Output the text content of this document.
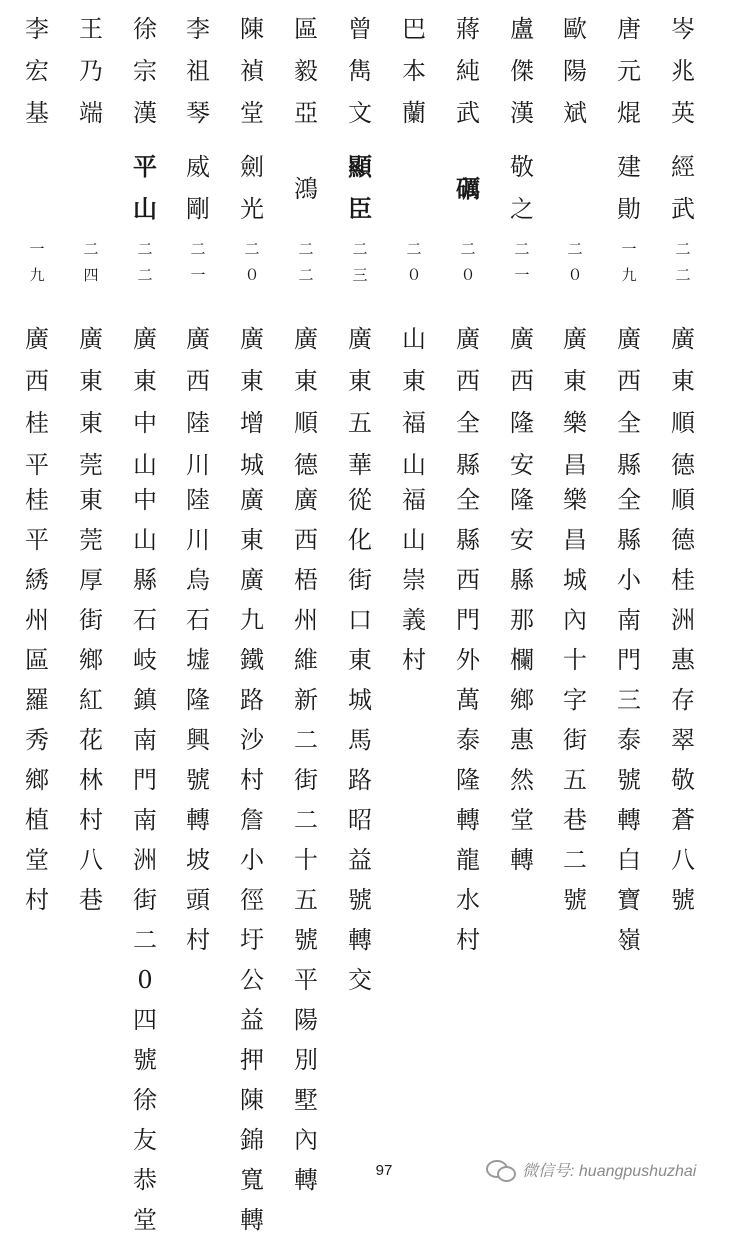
岑
兆
英
經
武
二
二
廣
東
順
德
順
德
桂
洲
惠
存
翠
敬
蒼
八
號
唐
元
焜
建
勛
一
九
廣
西
全
縣
全
縣
小
南
門
三
泰
號
轉
白
寶
嶺
歐
陽
斌
二
０
廣
東
樂
昌
樂
昌
城
內
十
字
街
五
巷
二
號
盧
傑
漢
敬
之
二
一
廣
西
隆
安
隆
安
縣
那
欄
鄉
惠
然
堂
轉
蔣
純
武
礪
二
０
廣
西
全
縣
全
縣
西
門
外
萬
泰
隆
轉
龍
水
村
巴
本
蘭
二
０
山
東
福
山
福
山
崇
義
村
曾
雋
文
顯
臣
二
三
廣
東
五
華
從
化
街
口
東
城
馬
路
昭
益
號
轉
交
區
毅
亞
鴻
二
二
廣
東
順
德
廣
西
梧
州
維
新
二
街
二
十
五
號
平
陽
別
墅
內
轉
陳
禎
堂
劍
光
二
０
廣
東
增
城
廣
東
廣
九
鐵
路
沙
村
詹
小
徑
圩
公
益
押
陳
錦
寬
轉
李
祖
琴
威
剛
二
一
廣
西
陸
川
陸
川
烏
石
墟
隆
興
號
轉
坡
頭
村
徐
宗
漢
平
山
二
二
廣
東
中
山
中
山
縣
石
岐
鎮
南
門
南
洲
街
二
0
四
號
徐
友
恭
堂
王
乃
端
二
四
廣
東
東
莞
東
莞
厚
街
鄉
紅
花
林
村
八
巷
李
宏
基
一
九
廣
西
桂
平
桂
平
綉
州
區
羅
秀
鄉
植
堂
村
97	微信号: huangpushuzhai
